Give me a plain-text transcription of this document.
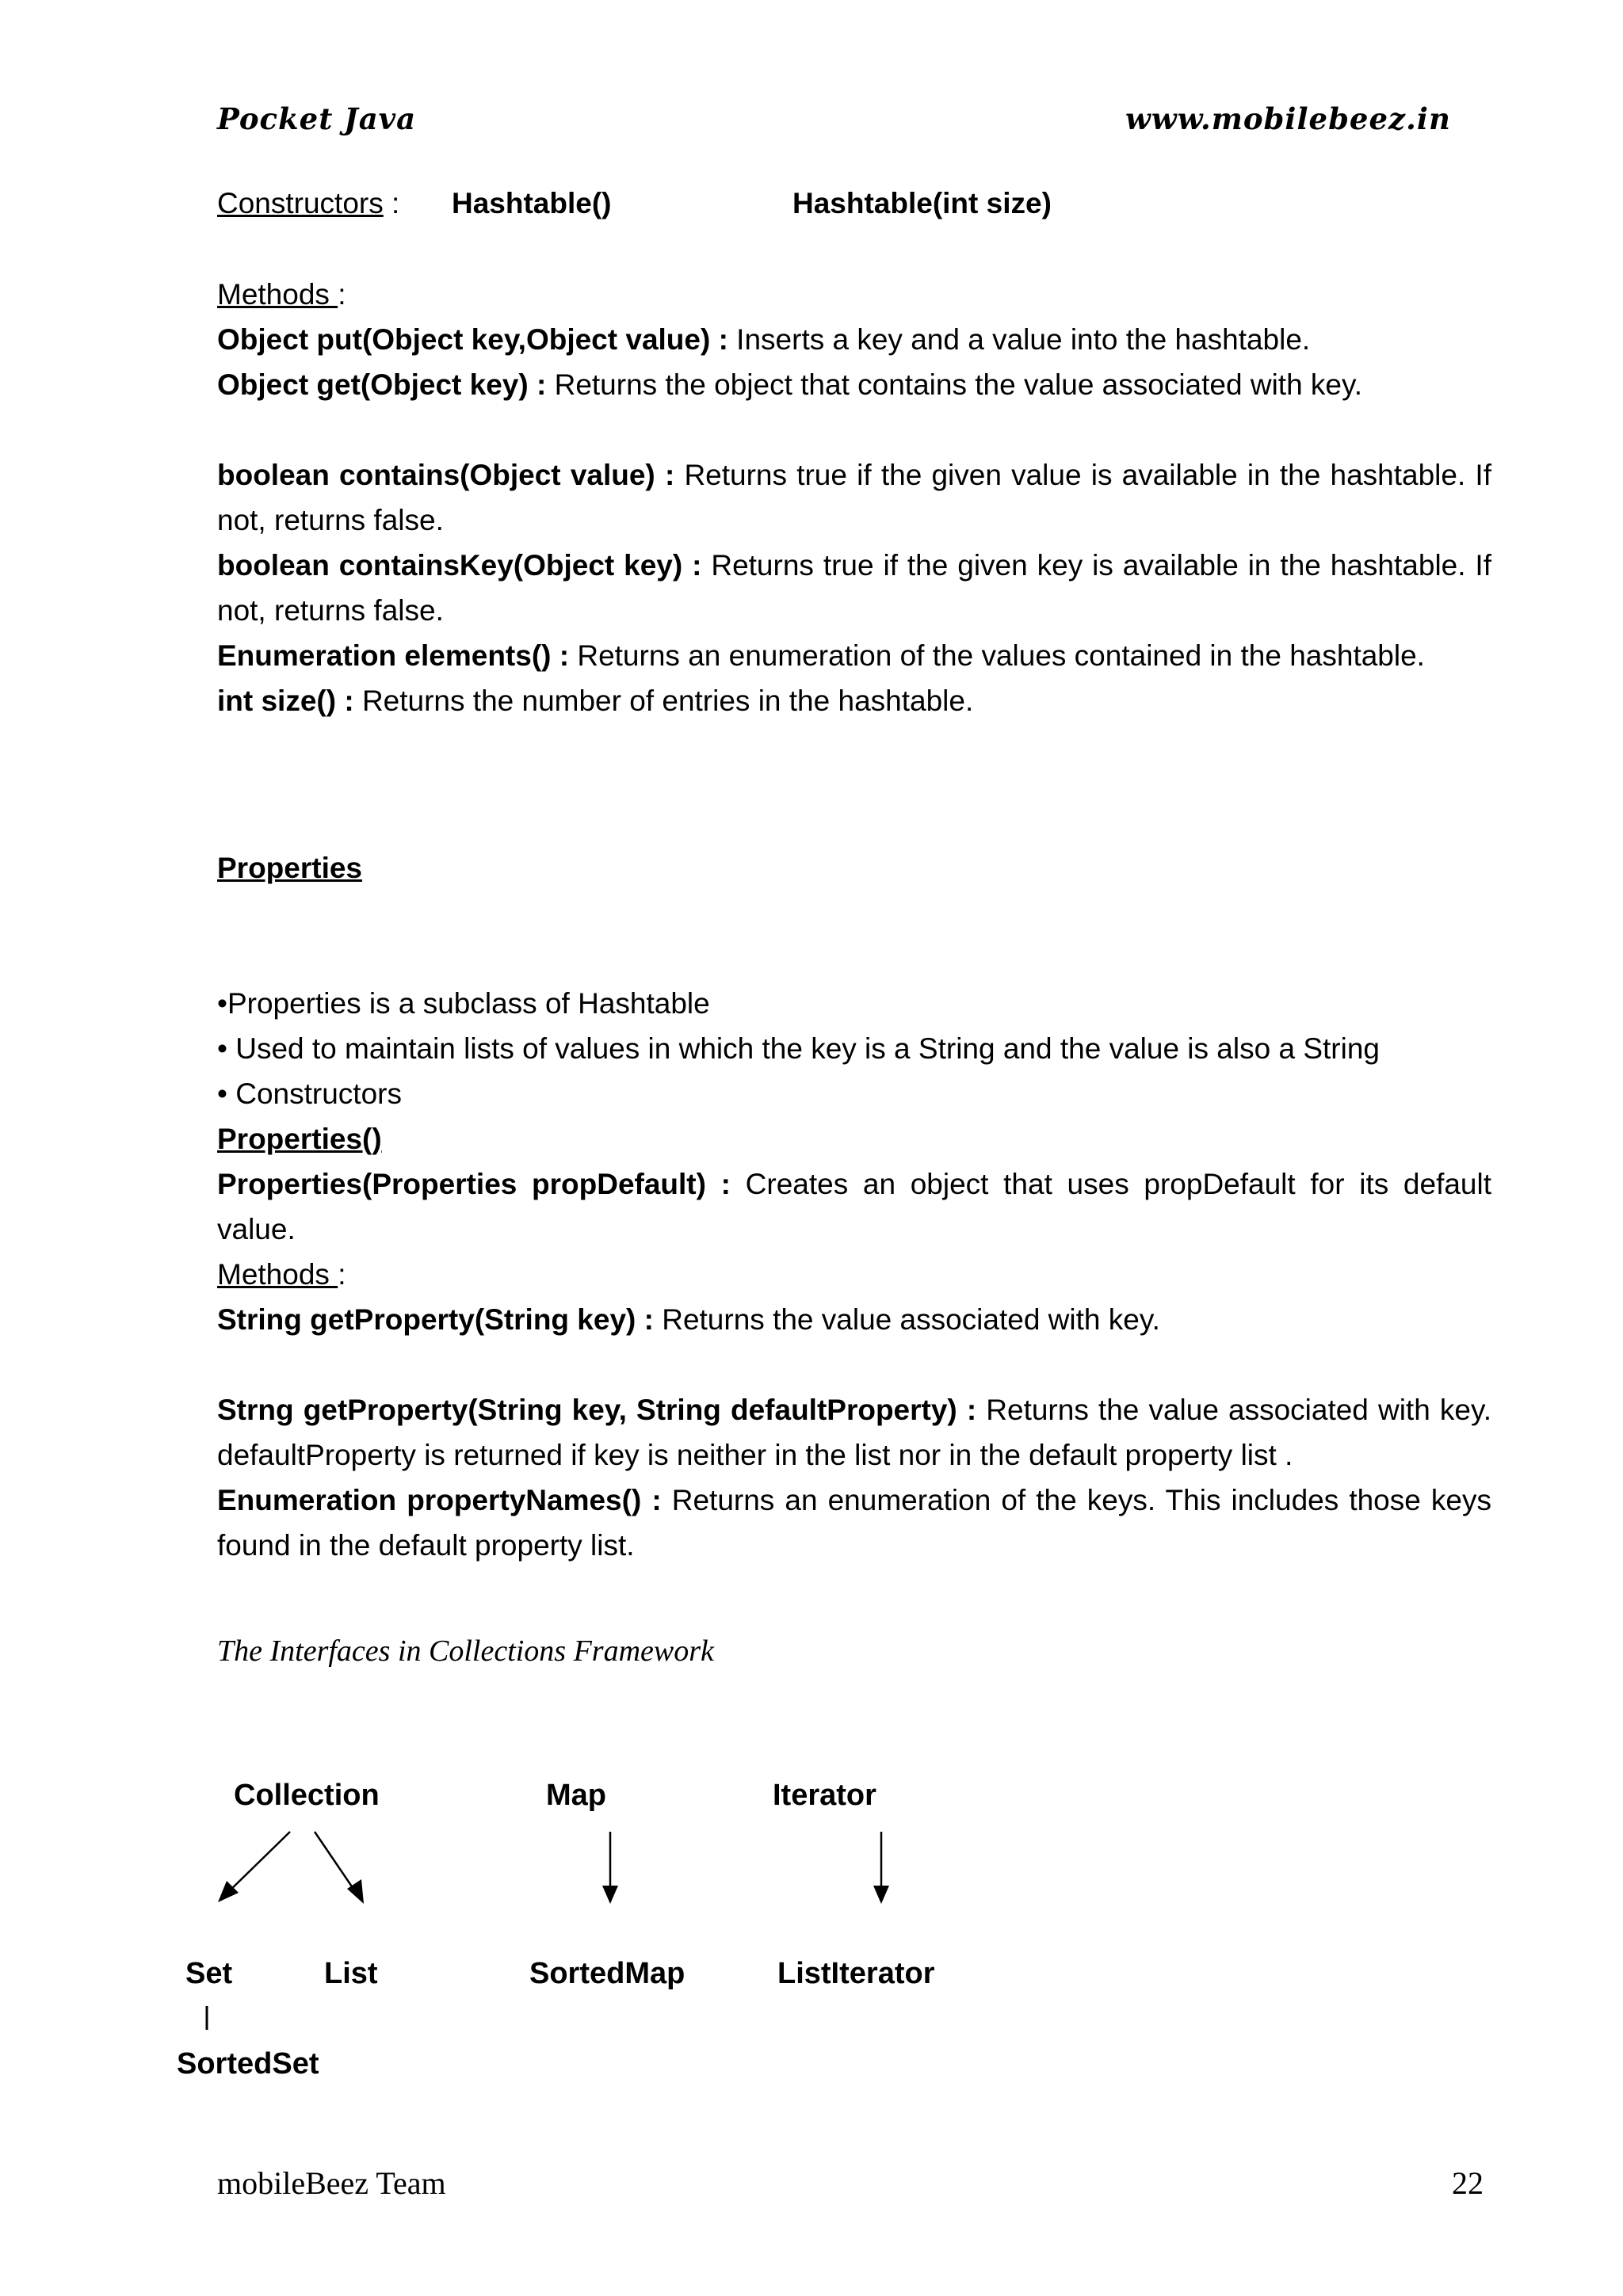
Pocket Java	www.mobilebeez.in
Constructors : Hashtable()	Hashtable(int size)
Methods :
Object put(Object key,Object value) : Inserts a key and a value into the hashtable.
Object get(Object key) : Returns the object that contains the value associated with key.
boolean contains(Object value) : Returns true if the given value is available in the hashtable. If not, returns false.
boolean containsKey(Object key) : Returns true if the given key is available in the hashtable. If not, returns false.
Enumeration elements() : Returns an enumeration of the values contained in the hashtable.
int size() : Returns the number of entries in the hashtable.
Properties
•Properties is a subclass of Hashtable
• Used to maintain lists of values in which the key is a String and the value is also a String
• Constructors
Properties()
Properties(Properties propDefault) : Creates an object that uses propDefault for its default value.
Methods :
String getProperty(String key) : Returns the value associated with key.
Strng getProperty(String key, String defaultProperty) : Returns the value associated with key. defaultProperty is returned if key is neither in the list nor in the default property list .
Enumeration propertyNames() : Returns an enumeration of the keys. This includes those keys found in the default property list.
The Interfaces in Collections Framework
Collection	Map	Iterator
Set	List	SortedMap	ListIterator
SortedSet
mobileBeez Team	22
